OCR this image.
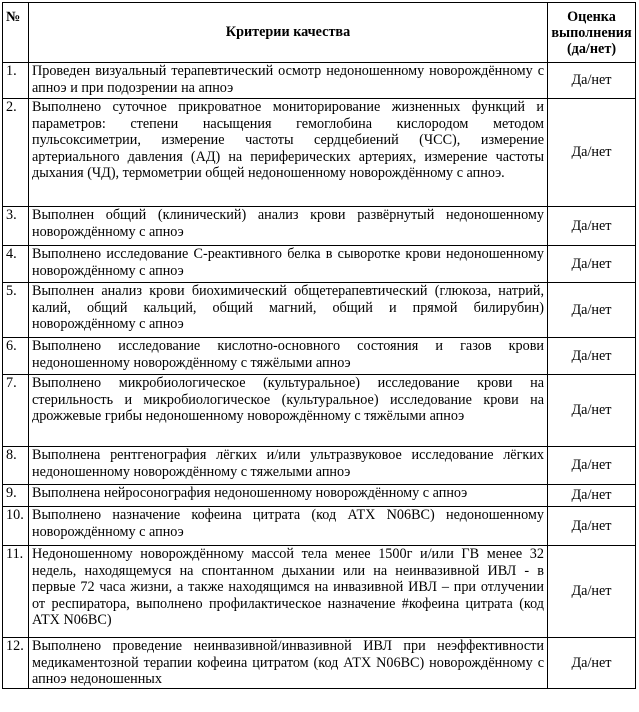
№	Критерии качества	Оценка выполнения (да/нет)
1.	Проведен визуальный терапевтический осмотр недоношенному новорождённому с апноэ и при подозрении на апноэ	Да/нет
2.	Выполнено суточное прикроватное мониторирование жизненных функций и параметров: степени насыщения гемоглобина кислородом методом пульсоксиметрии, измерение частоты сердцебиений (ЧСС), измерение артериального давления (АД) на периферических артериях, измерение частоты дыхания (ЧД), термометрии общей недоношенному новорождённому с апноэ.	Да/нет
3.	Выполнен общий (клинический) анализ крови развёрнутый недоношенному новорождённому с апноэ	Да/нет
4.	Выполнено исследование С-реактивного белка в сыворотке крови недоношенному новорождённому с апноэ	Да/нет
5.	Выполнен анализ крови биохимический общетерапевтический (глюкоза, натрий, калий, общий кальций, общий магний, общий и прямой билирубин) новорождённому с апноэ	Да/нет
6.	Выполнено исследование кислотно-основного состояния и газов крови недоношенному новорождённому с тяжёлыми апноэ	Да/нет
7.	Выполнено микробиологическое (культуральное) исследование крови на стерильность и микробиологическое (культуральное) исследование крови на дрожжевые грибы недоношенному новорождённому с тяжёлыми апноэ	Да/нет
8.	Выполнена рентгенография лёгких и/или ультразвуковое исследование лёгких недоношенному новорождённому с тяжелыми апноэ	Да/нет
9.	Выполнена нейросонография недоношенному новорождённому с апноэ	Да/нет
10.	Выполнено назначение кофеина цитрата (код АТХ N06BC) недоношенному новорождённому с апноэ	Да/нет
11.	Недоношенному новорождённому массой тела менее 1500г и/или ГВ менее 32 недель, находящемуся на спонтанном дыхании или на неинвазивной ИВЛ - в первые 72 часа жизни, а также находящимся на инвазивной ИВЛ – при отлучении от респиратора, выполнено профилактическое назначение #кофеина цитрата (код АТХ N06BC)	Да/нет
12.	Выполнено проведение неинвазивной/инвазивной ИВЛ при неэффективности медикаментозной терапии кофеина цитратом (код АТХ N06BC) новорождённому с апноэ недоношенных	Да/нет
